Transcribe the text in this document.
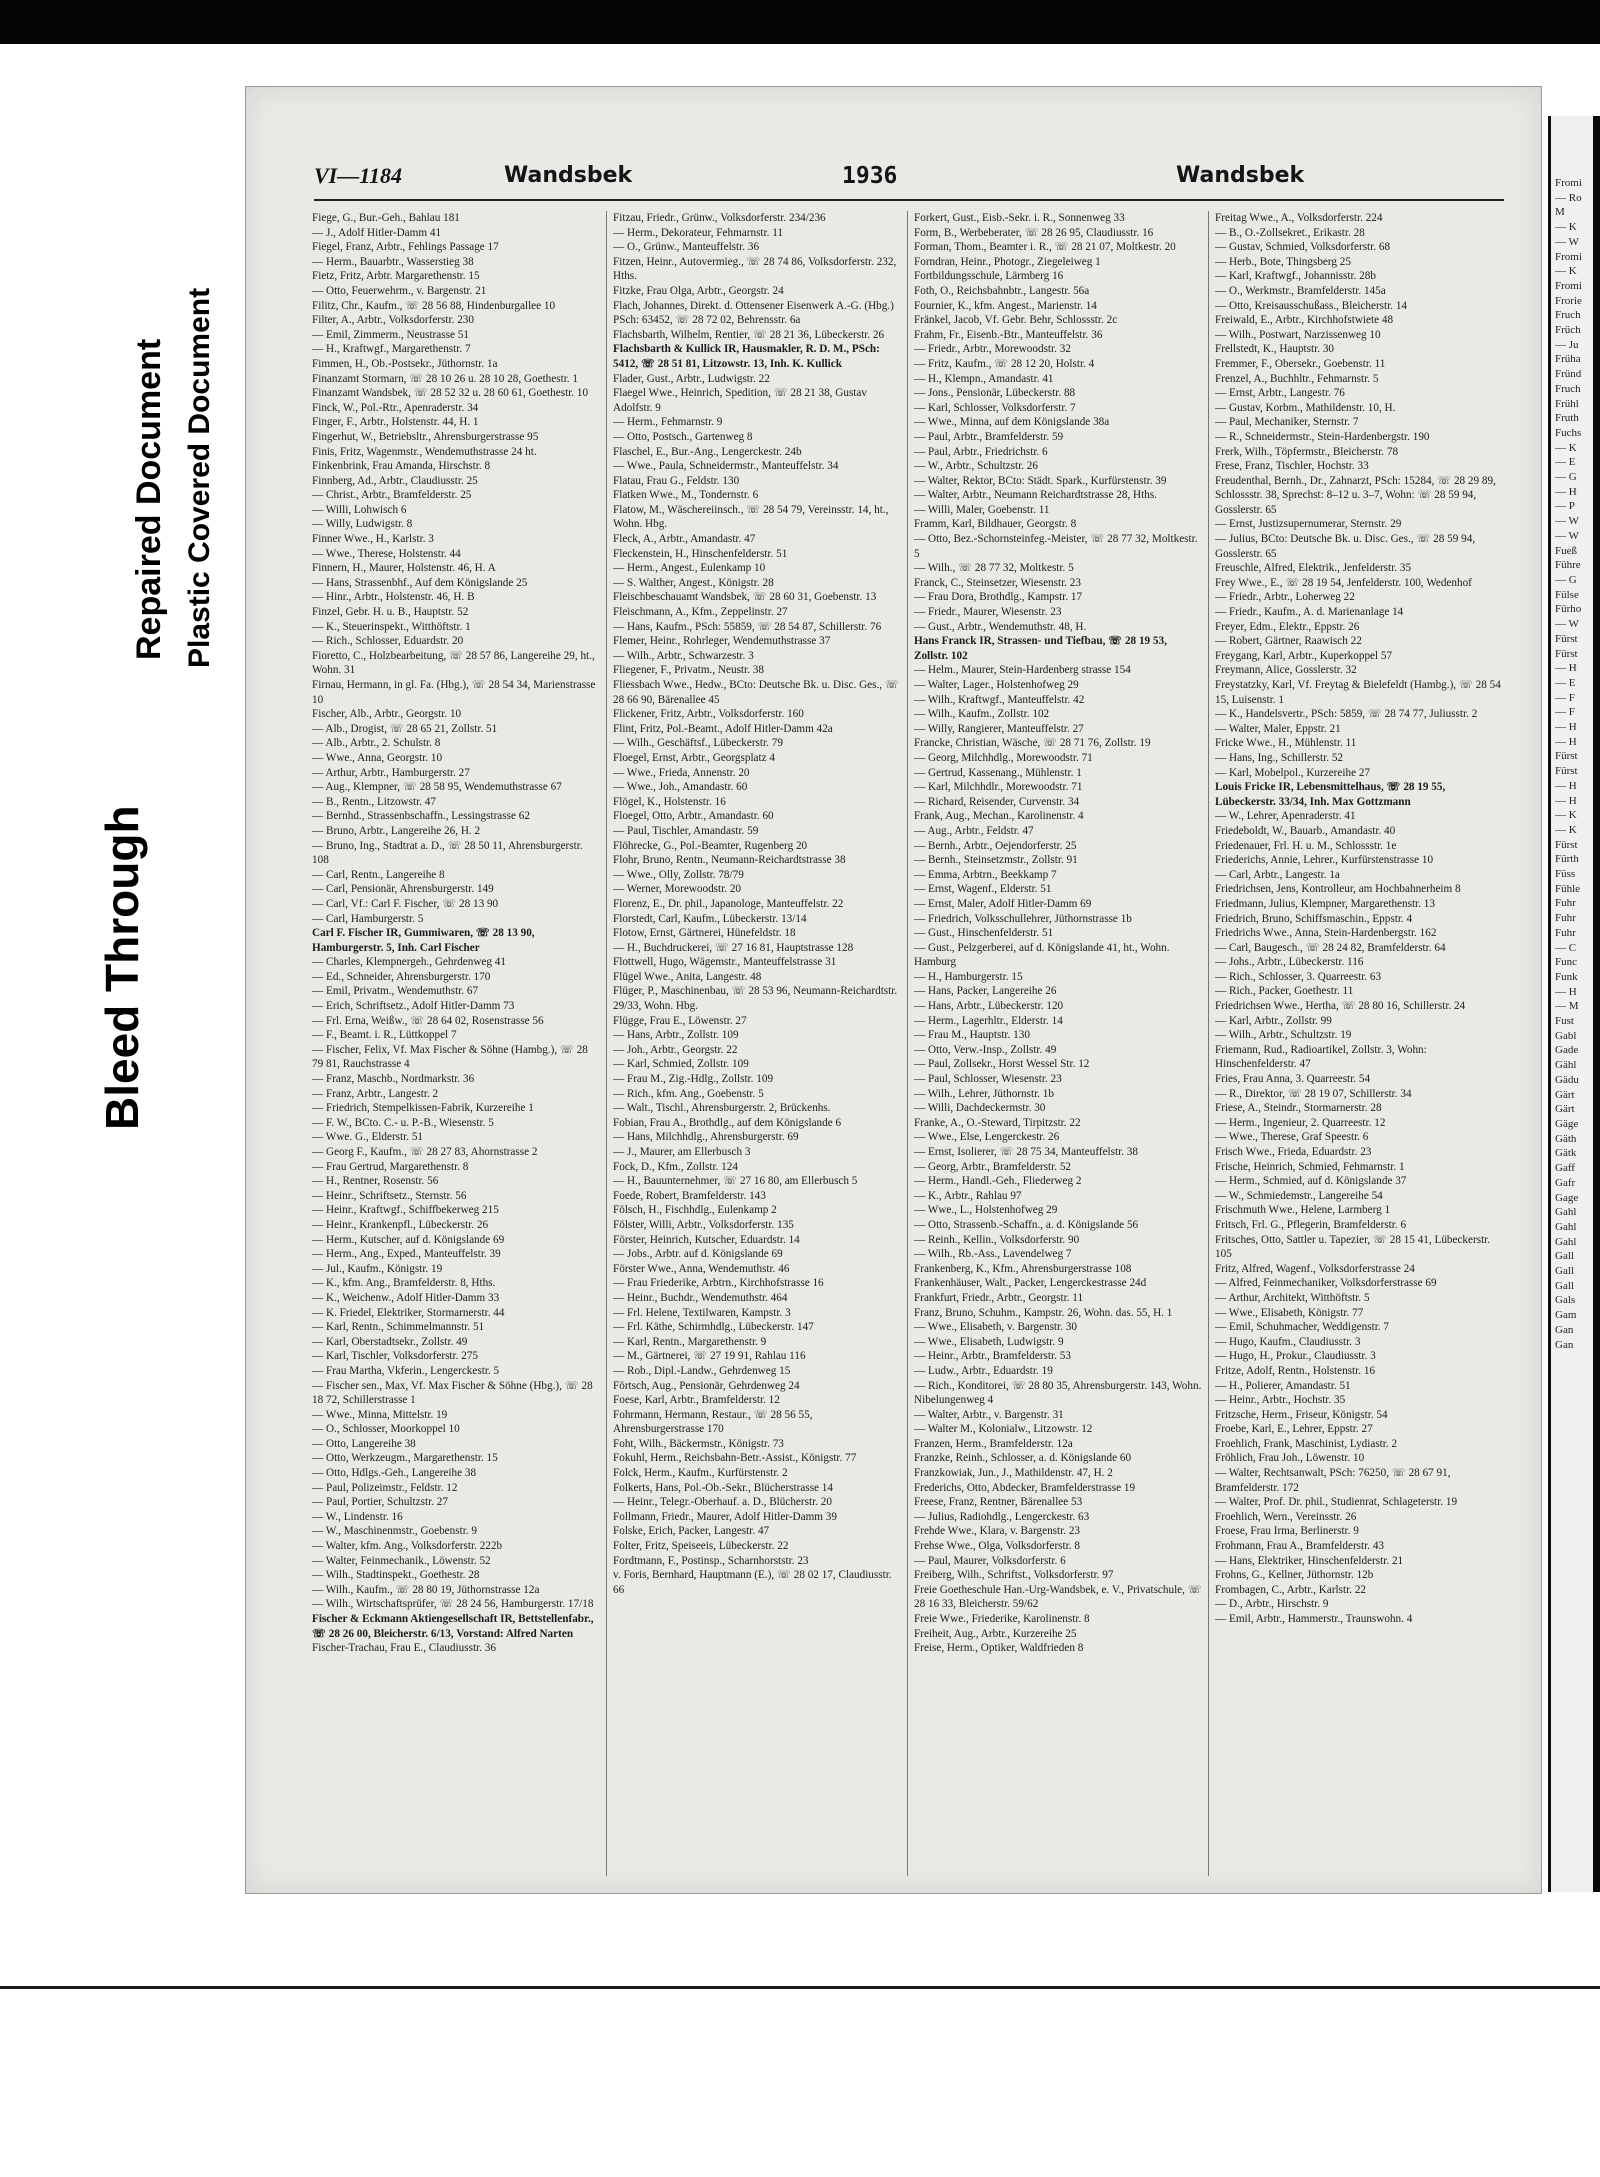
Bleed Through
Repaired Document Plastic Covered Document
VI—1184	Wandsbek	1936	Wandsbek

Fiege, G., Bur.-Geh., Bahlau 181

— J., Adolf Hitler-Damm 41

Fiegel, Franz, Arbtr., Fehlings Passage 17

— Herm., Bauarbtr., Wasserstieg 38

Fietz, Fritz, Arbtr. Margarethenstr. 15

— Otto, Feuerwehrm., v. Bargenstr. 21

Filitz, Chr., Kaufm., ☏ 28 56 88, Hindenburgallee 10

Filter, A., Arbtr., Volksdorferstr. 230

— Emil, Zimmerm., Neustrasse 51

— H., Kraftwgf., Margarethenstr. 7

Fimmen, H., Ob.-Postsekr., Jüthornstr. 1a

Finanzamt Stormarn, ☏ 28 10 26 u. 28 10 28, Goethestr. 1

Finanzamt Wandsbek, ☏ 28 52 32 u. 28 60 61, Goethestr. 10

Finck, W., Pol.-Rtr., Apenraderstr. 34

Finger, F., Arbtr., Holstenstr. 44, H. 1

Fingerhut, W., Betriebsltr., Ahrensburgerstrasse 95

Finis, Fritz, Wagenmstr., Wendemuthstrasse 24 ht.

Finkenbrink, Frau Amanda, Hirschstr. 8

Finnberg, Ad., Arbtr., Claudiusstr. 25

— Christ., Arbtr., Bramfelderstr. 25

— Willi, Lohwisch 6

— Willy, Ludwigstr. 8

Finner Wwe., H., Karlstr. 3

— Wwe., Therese, Holstenstr. 44

Finnern, H., Maurer, Holstenstr. 46, H. A

— Hans, Strassenbhf., Auf dem Königslande 25

— Hinr., Arbtr., Holstenstr. 46, H. B

Finzel, Gebr. H. u. B., Hauptstr. 52

— K., Steuerinspekt., Witthöftstr. 1

— Rich., Schlosser, Eduardstr. 20

Fioretto, C., Holzbearbeitung, ☏ 28 57 86, Langereihe 29, ht., Wohn. 31

Firnau, Hermann, in gl. Fa. (Hbg.), ☏ 28 54 34, Marienstrasse 10

Fischer, Alb., Arbtr., Georgstr. 10

— Alb., Drogist, ☏ 28 65 21, Zollstr. 51

— Alb., Arbtr., 2. Schulstr. 8

— Wwe., Anna, Georgstr. 10

— Arthur, Arbtr., Hamburgerstr. 27

— Aug., Klempner, ☏ 28 58 95, Wendemuthstrasse 67

— B., Rentn., Litzowstr. 47

— Bernhd., Strassenbschaffn., Lessingstrasse 62

— Bruno, Arbtr., Langereihe 26, H. 2

— Bruno, Ing., Stadtrat a. D., ☏ 28 50 11, Ahrensburgerstr. 108

— Carl, Rentn., Langereihe 8

— Carl, Pensionär, Ahrensburgerstr. 149

— Carl, Vf.: Carl F. Fischer, ☏ 28 13 90

— Carl, Hamburgerstr. 5

Carl F. Fischer IR, Gummiwaren, ☏ 28 13 90, Hamburgerstr. 5, Inh. Carl Fischer

— Charles, Klempnergeh., Gehrdenweg 41

— Ed., Schneider, Ahrensburgerstr. 170

— Emil, Privatm., Wendemuthstr. 67

— Erich, Schriftsetz., Adolf Hitler-Damm 73

— Frl. Erna, Weißw., ☏ 28 64 02, Rosenstrasse 56

— F., Beamt. i. R., Lüttkoppel 7

— Fischer, Felix, Vf. Max Fischer & Söhne (Hambg.), ☏ 28 79 81, Rauchstrasse 4

— Franz, Maschb., Nordmarkstr. 36

— Franz, Arbtr., Langestr. 2

— Friedrich, Stempelkissen-Fabrik, Kurzereihe 1

— F. W., BCto. C.- u. P.-B., Wiesenstr. 5

— Wwe. G., Elderstr. 51

— Georg F., Kaufm., ☏ 28 27 83, Ahornstrasse 2

— Frau Gertrud, Margarethenstr. 8

— H., Rentner, Rosenstr. 56

— Heinr., Schriftsetz., Sternstr. 56

— Heinr., Kraftwgf., Schiffbekerweg 215

— Heinr., Krankenpfl., Lübeckerstr. 26

— Herm., Kutscher, auf d. Königslande 69

— Herm., Ang., Exped., Manteuffelstr. 39

— Jul., Kaufm., Königstr. 19

— K., kfm. Ang., Bramfelderstr. 8, Hths.

— K., Weichenw., Adolf Hitler-Damm 33

— K. Friedel, Elektriker, Stormarnerstr. 44

— Karl, Rentn., Schimmelmannstr. 51

— Karl, Oberstadtsekr., Zollstr. 49

— Karl, Tischler, Volksdorferstr. 275

— Frau Martha, Vkferin., Lengerckestr. 5

— Fischer sen., Max, Vf. Max Fischer & Söhne (Hbg.), ☏ 28 18 72, Schillerstrasse 1

— Wwe., Minna, Mittelstr. 19

— O., Schlosser, Moorkoppel 10

— Otto, Langereihe 38

— Otto, Werkzeugm., Margarethenstr. 15

— Otto, Hdlgs.-Geh., Langereihe 38

— Paul, Polizeimstr., Feldstr. 12

— Paul, Portier, Schultzstr. 27

— W., Lindenstr. 16

— W., Maschinenmstr., Goebenstr. 9

— Walter, kfm. Ang., Volksdorferstr. 222b

— Walter, Feinmechanik., Löwenstr. 52

— Wilh., Stadtinspekt., Goethestr. 28

— Wilh., Kaufm., ☏ 28 80 19, Jüthornstrasse 12a

— Wilh., Wirtschaftsprüfer, ☏ 28 24 56, Hamburgerstr. 17/18

Fischer & Eckmann Aktiengesellschaft IR, Bettstellenfabr., ☏ 28 26 00, Bleicherstr. 6/13, Vorstand: Alfred Narten

Fischer-Trachau, Frau E., Claudiusstr. 36

Fitzau, Friedr., Grünw., Volksdorferstr. 234/236

— Herm., Dekorateur, Fehmarnstr. 11

— O., Grünw., Manteuffelstr. 36

Fitzen, Heinr., Autovermieg., ☏ 28 74 86, Volksdorferstr. 232, Hths.

Fitzke, Frau Olga, Arbtr., Georgstr. 24

Flach, Johannes, Direkt. d. Ottensener Eisenwerk A.-G. (Hbg.) PSch: 63452, ☏ 28 72 02, Behrensstr. 6a

Flachsbarth, Wilhelm, Rentier, ☏ 28 21 36, Lübeckerstr. 26

Flachsbarth & Kullick IR, Hausmakler, R. D. M., PSch: 5412, ☏ 28 51 81, Litzowstr. 13, Inh. K. Kullick

Flader, Gust., Arbtr., Ludwigstr. 22

Flaegel Wwe., Heinrich, Spedition, ☏ 28 21 38, Gustav Adolfstr. 9

— Herm., Fehmarnstr. 9

— Otto, Postsch., Gartenweg 8

Flaschel, E., Bur.-Ang., Lengerckestr. 24b

— Wwe., Paula, Schneidermstr., Manteuffelstr. 34

Flatau, Frau G., Feldstr. 130

Flatken Wwe., M., Tondernstr. 6

Flatow, M., Wäschereiinsch., ☏ 28 54 79, Vereinsstr. 14, ht., Wohn. Hbg.

Fleck, A., Arbtr., Amandastr. 47

Fleckenstein, H., Hinschenfelderstr. 51

— Herm., Angest., Eulenkamp 10

— S. Walther, Angest., Königstr. 28

Fleischbeschauamt Wandsbek, ☏ 28 60 31, Goebenstr. 13

Fleischmann, A., Kfm., Zeppelinstr. 27

— Hans, Kaufm., PSch: 55859, ☏ 28 54 87, Schillerstr. 76

Flemer, Heinr., Rohrleger, Wendemuthstrasse 37

— Wilh., Arbtr., Schwarzestr. 3

Fliegener, F., Privatm., Neustr. 38

Fliessbach Wwe., Hedw., BCto: Deutsche Bk. u. Disc. Ges., ☏ 28 66 90, Bärenallee 45

Flickener, Fritz, Arbtr., Volksdorferstr. 160

Flint, Fritz, Pol.-Beamt., Adolf Hitler-Damm 42a

— Wilh., Geschäftsf., Lübeckerstr. 79

Floegel, Ernst, Arbtr., Georgsplatz 4

— Wwe., Frieda, Annenstr. 20

— Wwe., Joh., Amandastr. 60

Flögel, K., Holstenstr. 16

Floegel, Otto, Arbtr., Amandastr. 60

— Paul, Tischler, Amandastr. 59

Flöhrecke, G., Pol.-Beamter, Rugenberg 20

Flohr, Bruno, Rentn., Neumann-Reichardtstrasse 38

— Wwe., Olly, Zollstr. 78/79

— Werner, Morewoodstr. 20

Florenz, E., Dr. phil., Japanologe, Manteuffelstr. 22

Florstedt, Carl, Kaufm., Lübeckerstr. 13/14

Flotow, Ernst, Gärtnerei, Hünefeldstr. 18

— H., Buchdruckerei, ☏ 27 16 81, Hauptstrasse 128

Flottwell, Hugo, Wägemstr., Manteuffelstrasse 31

Flügel Wwe., Anita, Langestr. 48

Flüger, P., Maschinenbau, ☏ 28 53 96, Neumann-Reichardtstr. 29/33, Wohn. Hbg.

Flügge, Frau E., Löwenstr. 27

— Hans, Arbtr., Zollstr. 109

— Joh., Arbtr., Georgstr. 22

— Karl, Schmied, Zollstr. 109

— Frau M., Zig.-Hdlg., Zollstr. 109

— Rich., kfm. Ang., Goebenstr. 5

— Walt., Tischl., Ahrensburgerstr. 2, Brückenhs.

Fobian, Frau A., Brothdlg., auf dem Königslande 6

— Hans, Milchhdlg., Ahrensburgerstr. 69

— J., Maurer, am Ellerbusch 3

Fock, D., Kfm., Zollstr. 124

— H., Bauunternehmer, ☏ 27 16 80, am Ellerbusch 5

Foede, Robert, Bramfelderstr. 143

Fölsch, H., Fischhdlg., Eulenkamp 2

Fölster, Willi, Arbtr., Volksdorferstr. 135

Förster, Heinrich, Kutscher, Eduardstr. 14

— Jobs., Arbtr. auf d. Königslande 69

Förster Wwe., Anna, Wendemuthstr. 46

— Frau Friederike, Arbtrn., Kirchhofstrasse 16

— Heinr., Buchdr., Wendemuthstr. 464

— Frl. Helene, Textilwaren, Kampstr. 3

— Frl. Käthe, Schirmhdlg., Lübeckerstr. 147

— Karl, Rentn., Margarethenstr. 9

— M., Gärtnerei, ☏ 27 19 91, Rahlau 116

— Rob., Dipl.-Landw., Gehrdenweg 15

Förtsch, Aug., Pensionär, Gehrdenweg 24

Foese, Karl, Arbtr., Bramfelderstr. 12

Fohrmann, Hermann, Restaur., ☏ 28 56 55, Ahrensburgerstrasse 170

Foht, Wilh., Bäckermstr., Königstr. 73

Fokuhl, Herm., Reichsbahn-Betr.-Assist., Königstr. 77

Folck, Herm., Kaufm., Kurfürstenstr. 2

Folkerts, Hans, Pol.-Ob.-Sekr., Blücherstrasse 14

— Heinr., Telegr.-Oberhauf. a. D., Blücherstr. 20

Follmann, Friedr., Maurer, Adolf Hitler-Damm 39

Folske, Erich, Packer, Langestr. 47

Folter, Fritz, Speiseeis, Lübeckerstr. 22

Fordtmann, F., Postinsp., Scharnhorststr. 23

v. Foris, Bernhard, Hauptmann (E.), ☏ 28 02 17, Claudiusstr. 66

Forkert, Gust., Eisb.-Sekr. i. R., Sonnenweg 33

Form, B., Werbeberater, ☏ 28 26 95, Claudiusstr. 16

Forman, Thom., Beamter i. R., ☏ 28 21 07, Moltkestr. 20

Forndran, Heinr., Photogr., Ziegeleiweg 1

Fortbildungsschule, Lärmberg 16

Foth, O., Reichsbahnbtr., Langestr. 56a

Fournier, K., kfm. Angest., Marienstr. 14

Fränkel, Jacob, Vf. Gebr. Behr, Schlossstr. 2c

Frahm, Fr., Eisenb.-Btr., Manteuffelstr. 36

— Friedr., Arbtr., Morewoodstr. 32

— Fritz, Kaufm., ☏ 28 12 20, Holstr. 4

— H., Klempn., Amandastr. 41

— Jons., Pensionär, Lübeckerstr. 88

— Karl, Schlosser, Volksdorferstr. 7

— Wwe., Minna, auf dem Königslande 38a

— Paul, Arbtr., Bramfelderstr. 59

— Paul, Arbtr., Friedrichstr. 6

— W., Arbtr., Schultzstr. 26

— Walter, Rektor, BCto: Städt. Spark., Kurfürstenstr. 39

— Walter, Arbtr., Neumann Reichardtstrasse 28, Hths.

— Willi, Maler, Goebenstr. 11

Framm, Karl, Bildhauer, Georgstr. 8

— Otto, Bez.-Schornsteinfeg.-Meister, ☏ 28 77 32, Moltkestr. 5

— Wilh., ☏ 28 77 32, Moltkestr. 5

Franck, C., Steinsetzer, Wiesenstr. 23

— Frau Dora, Brothdlg., Kampstr. 17

— Friedr., Maurer, Wiesenstr. 23

— Gust., Arbtr., Wendemuthstr. 48, H.

Hans Franck IR, Strassen- und Tiefbau, ☏ 28 19 53, Zollstr. 102

— Helm., Maurer, Stein-Hardenberg strasse 154

— Walter, Lager., Holstenhofweg 29

— Wilh., Kraftwgf., Manteuffelstr. 42

— Wilh., Kaufm., Zollstr. 102

— Willy, Rangierer, Manteuffelstr. 27

Francke, Christian, Wäsche, ☏ 28 71 76, Zollstr. 19

— Georg, Milchhdlg., Morewoodstr. 71

— Gertrud, Kassenang., Mühlenstr. 1

— Karl, Milchhdlr., Morewoodstr. 71

— Richard, Reisender, Curvenstr. 34

Frank, Aug., Mechan., Karolinenstr. 4

— Aug., Arbtr., Feldstr. 47

— Bernh., Arbtr., Oejendorferstr. 25

— Bernh., Steinsetzmstr., Zollstr. 91

— Emma, Arbtrn., Beekkamp 7

— Ernst, Wagenf., Elderstr. 51

— Ernst, Maler, Adolf Hitler-Damm 69

— Friedrich, Volksschullehrer, Jüthornstrasse 1b

— Gust., Hinschenfelderstr. 51

— Gust., Pelzgerberei, auf d. Königslande 41, ht., Wohn. Hamburg

— H., Hamburgerstr. 15

— Hans, Packer, Langereihe 26

— Hans, Arbtr., Lübeckerstr. 120

— Herm., Lagerhltr., Elderstr. 14

— Frau M., Hauptstr. 130

— Otto, Verw.-Insp., Zollstr. 49

— Paul, Zollsekr., Horst Wessel Str. 12

— Paul, Schlosser, Wiesenstr. 23

— Wilh., Lehrer, Jüthornstr. 1b

— Willi, Dachdeckermstr. 30

Franke, A., O.-Steward, Tirpitzstr. 22

— Wwe., Else, Lengerckestr. 26

— Ernst, Isolierer, ☏ 28 75 34, Manteuffelstr. 38

— Georg, Arbtr., Bramfelderstr. 52

— Herm., Handl.-Geh., Fliederweg 2

— K., Arbtr., Rahlau 97

— Wwe., L., Holstenhofweg 29

— Otto, Strassenb.-Schaffn., a. d. Königslande 56

— Reinh., Kellin., Volksdorferstr. 90

— Wilh., Rb.-Ass., Lavendelweg 7

Frankenberg, K., Kfm., Ahrensburgerstrasse 108

Frankenhäuser, Walt., Packer, Lengerckestrasse 24d

Frankfurt, Friedr., Arbtr., Georgstr. 11

Franz, Bruno, Schuhm., Kampstr. 26, Wohn. das. 55, H. 1

— Wwe., Elisabeth, v. Bargenstr. 30

— Wwe., Elisabeth, Ludwigstr. 9

— Heinr., Arbtr., Bramfelderstr. 53

— Ludw., Arbtr., Eduardstr. 19

— Rich., Konditorei, ☏ 28 80 35, Ahrensburgerstr. 143, Wohn. Nibelungenweg 4

— Walter, Arbtr., v. Bargenstr. 31

— Walter M., Kolonialw., Litzowstr. 12

Franzen, Herm., Bramfelderstr. 12a

Franzke, Reinh., Schlosser, a. d. Königslande 60

Franzkowiak, Jun., J., Mathildenstr. 47, H. 2

Frederichs, Otto, Abdecker, Bramfelderstrasse 19

Freese, Franz, Rentner, Bärenallee 53

— Julius, Radiohdlg., Lengerckestr. 63

Frehde Wwe., Klara, v. Bargenstr. 23

Frehse Wwe., Olga, Volksdorferstr. 8

— Paul, Maurer, Volksdorferstr. 6

Freiberg, Wilh., Schriftst., Volksdorferstr. 97

Freie Goetheschule Han.-Urg-Wandsbek, e. V., Privatschule, ☏ 28 16 33, Bleicherstr. 59/62

Freie Wwe., Friederike, Karolinenstr. 8

Freiheit, Aug., Arbtr., Kurzereihe 25

Freise, Herm., Optiker, Waldfrieden 8

Freitag Wwe., A., Volksdorferstr. 224

— B., O.-Zollsekret., Erikastr. 28

— Gustav, Schmied, Volksdorferstr. 68

— Herb., Bote, Thingsberg 25

— Karl, Kraftwgf., Johannisstr. 28b

— O., Werkmstr., Bramfelderstr. 145a

— Otto, Kreisausschußass., Bleicherstr. 14

Freiwald, E., Arbtr., Kirchhofstwiete 48

— Wilh., Postwart, Narzissenweg 10

Frellstedt, K., Hauptstr. 30

Fremmer, F., Obersekr., Goebenstr. 11

Frenzel, A., Buchhltr., Fehmarnstr. 5

— Ernst, Arbtr., Langestr. 76

— Gustav, Korbm., Mathildenstr. 10, H.

— Paul, Mechaniker, Sternstr. 7

— R., Schneidermstr., Stein-Hardenbergstr. 190

Frerk, Wilh., Töpfermstr., Bleicherstr. 78

Frese, Franz, Tischler, Hochstr. 33

Freudenthal, Bernh., Dr., Zahnarzt, PSch: 15284, ☏ 28 29 89, Schlossstr. 38, Sprechst: 8–12 u. 3–7, Wohn: ☏ 28 59 94, Gosslerstr. 65

— Ernst, Justizsupernumerar, Sternstr. 29

— Julius, BCto: Deutsche Bk. u. Disc. Ges., ☏ 28 59 94, Gosslerstr. 65

Freuschle, Alfred, Elektrik., Jenfelderstr. 35

Frey Wwe., E., ☏ 28 19 54, Jenfelderstr. 100, Wedenhof

— Friedr., Arbtr., Loherweg 22

— Friedr., Kaufm., A. d. Marienanlage 14

Freyer, Edm., Elektr., Eppstr. 26

— Robert, Gärtner, Raawisch 22

Freygang, Karl, Arbtr., Kuperkoppel 57

Freymann, Alice, Gosslerstr. 32

Freystatzky, Karl, Vf. Freytag & Bielefeldt (Hambg.), ☏ 28 54 15, Luisenstr. 1

— K., Handelsvertr., PSch: 5859, ☏ 28 74 77, Juliusstr. 2

— Walter, Maler, Eppstr. 21

Fricke Wwe., H., Mühlenstr. 11

— Hans, Ing., Schillerstr. 52

— Karl, Mobelpol., Kurzereihe 27

Louis Fricke IR, Lebensmittelhaus, ☏ 28 19 55, Lübeckerstr. 33/34, Inh. Max Gottzmann

— W., Lehrer, Apenraderstr. 41

Friedeboldt, W., Bauarb., Amandastr. 40

Friedenauer, Frl. H. u. M., Schlossstr. 1e

Friederichs, Annie, Lehrer., Kurfürstenstrasse 10

— Carl, Arbtr., Langestr. 1a

Friedrichsen, Jens, Kontrolleur, am Hochbahnerheim 8

Friedmann, Julius, Klempner, Margarethenstr. 13

Friedrich, Bruno, Schiffsmaschin., Eppstr. 4

Friedrichs Wwe., Anna, Stein-Hardenbergstr. 162

— Carl, Baugesch., ☏ 28 24 82, Bramfelderstr. 64

— Johs., Arbtr., Lübeckerstr. 116

— Rich., Schlosser, 3. Quarreestr. 63

— Rich., Packer, Goethestr. 11

Friedrichsen Wwe., Hertha, ☏ 28 80 16, Schillerstr. 24

— Karl, Arbtr., Zollstr. 99

— Wilh., Arbtr., Schultzstr. 19

Friemann, Rud., Radioartikel, Zollstr. 3, Wohn: Hinschenfelderstr. 47

Fries, Frau Anna, 3. Quarreestr. 54

— R., Direktor, ☏ 28 19 07, Schillerstr. 34

Friese, A., Steindr., Stormarnerstr. 28

— Herm., Ingenieur, 2. Quarreestr. 12

— Wwe., Therese, Graf Speestr. 6

Frisch Wwe., Frieda, Eduardstr. 23

Frische, Heinrich, Schmied, Fehmarnstr. 1

— Herm., Schmied, auf d. Königslande 37

— W., Schmiedemstr., Langereihe 54

Frischmuth Wwe., Helene, Larmberg 1

Fritsch, Frl. G., Pflegerin, Bramfelderstr. 6

Fritsches, Otto, Sattler u. Tapezier, ☏ 28 15 41, Lübeckerstr. 105

Fritz, Alfred, Wagenf., Volksdorferstrasse 24

— Alfred, Feinmechaniker, Volksdorferstrasse 69

— Arthur, Architekt, Witthöftstr. 5

— Wwe., Elisabeth, Königstr. 77

— Emil, Schuhmacher, Weddigenstr. 7

— Hugo, Kaufm., Claudiusstr. 3

— Hugo, H., Prokur., Claudiusstr. 3

Fritze, Adolf, Rentn., Holstenstr. 16

— H., Polierer, Amandastr. 51

— Heinr., Arbtr., Hochstr. 35

Fritzsche, Herm., Friseur, Königstr. 54

Froebe, Karl, E., Lehrer, Eppstr. 27

Froehlich, Frank, Maschinist, Lydiastr. 2

Fröhlich, Frau Joh., Löwenstr. 10

— Walter, Rechtsanwalt, PSch: 76250, ☏ 28 67 91, Bramfelderstr. 172

— Walter, Prof. Dr. phil., Studienrat, Schlageterstr. 19

Froehlich, Wern., Vereinsstr. 26

Froese, Frau Irma, Berlinerstr. 9

Frohmann, Frau A., Bramfelderstr. 43

— Hans, Elektriker, Hinschenfelderstr. 21

Frohns, G., Kellner, Jüthornstr. 12b

Frombagen, C., Arbtr., Karlstr. 22

— D., Arbtr., Hirschstr. 9

— Emil, Arbtr., Hammerstr., Traunswohn. 4

Fromi

— Ro

M

— K

— W

Fromi

— K

Fromi

Frorie

Fruch

Früch

— Ju

Früha

Fründ

Fruch

Frühl

Fruth

Fuchs

— K

— E

— G

— H

— P

— W

— W

Fueß

Führe

— G

Fülse

Fürho

— W

Fürst

Fürst

— H

— E

— F

— F

— H

— H

Fürst

Fürst

— H

— H

— K

— K

Fürst

Fürth

Füss

Fühle

Fuhr

Fuhr

Fuhr

— C

Func

Funk

— H

— M

Fust

Gabl

Gade

Gähl

Gädu

Gärt

Gärt

Gäge

Gäth

Gätk

Gaff

Gafr

Gage

Gahl

Gahl

Gahl

Gall

Gall

Gall

Gals

Gam

Gan

Gan
